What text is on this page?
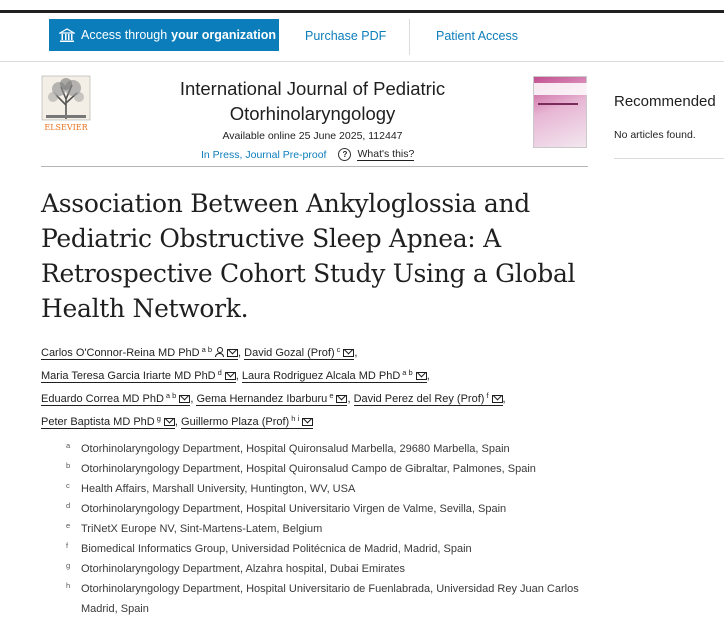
Access through your organization Purchase PDF	Patient Access
ELSEVIER
International Journal of Pediatric
Otorhinolaryngology
Available online 25 June 2025, 112447
In Press, Journal Pre-proof	? What's this?
Recommended
No articles found.
Association Between Ankyloglossia and Pediatric Obstructive Sleep Apnea: A Retrospective Cohort Study Using a Global Health Network.
Carlos O'Connor-Reina MD PhD $^{a b}$ , David Gozal (Prof) $^c$ ,
Maria Teresa Garcia Iriarte MD PhD $^d$ , Laura Rodriguez Alcala MD PhD $^{a b}$ ,
Eduardo Correa MD PhD $^{a b}$ , Gema Hernandez Ibarburu $^e$ , David Perez del Rey (Prof) $^f$ ,
Peter Baptista MD PhD $^g$ , Guillermo Plaza (Prof) $^{h i}$
a Otorhinolaryngology Department, Hospital Quironsalud Marbella, 29680 Marbella, Spain
b Otorhinolaryngology Department, Hospital Quironsalud Campo de Gibraltar, Palmones, Spain
c	Health Affairs, Marshall University, Huntington, WV, USA
d Otorhinolaryngology Department, Hospital Universitario Virgen de Valme, Sevilla, Spain
e TriNetX Europe NV, Sint-Martens-Latem, Belgium
f	Biomedical Informatics Group, Universidad Politécnica de Madrid, Madrid, Spain
g Otorhinolaryngology Department, Alzahra hospital, Dubai Emirates
h Otorhinolaryngology Department, Hospital Universitario de Fuenlabrada, Universidad Rey Juan Carlos Madrid, Spain
